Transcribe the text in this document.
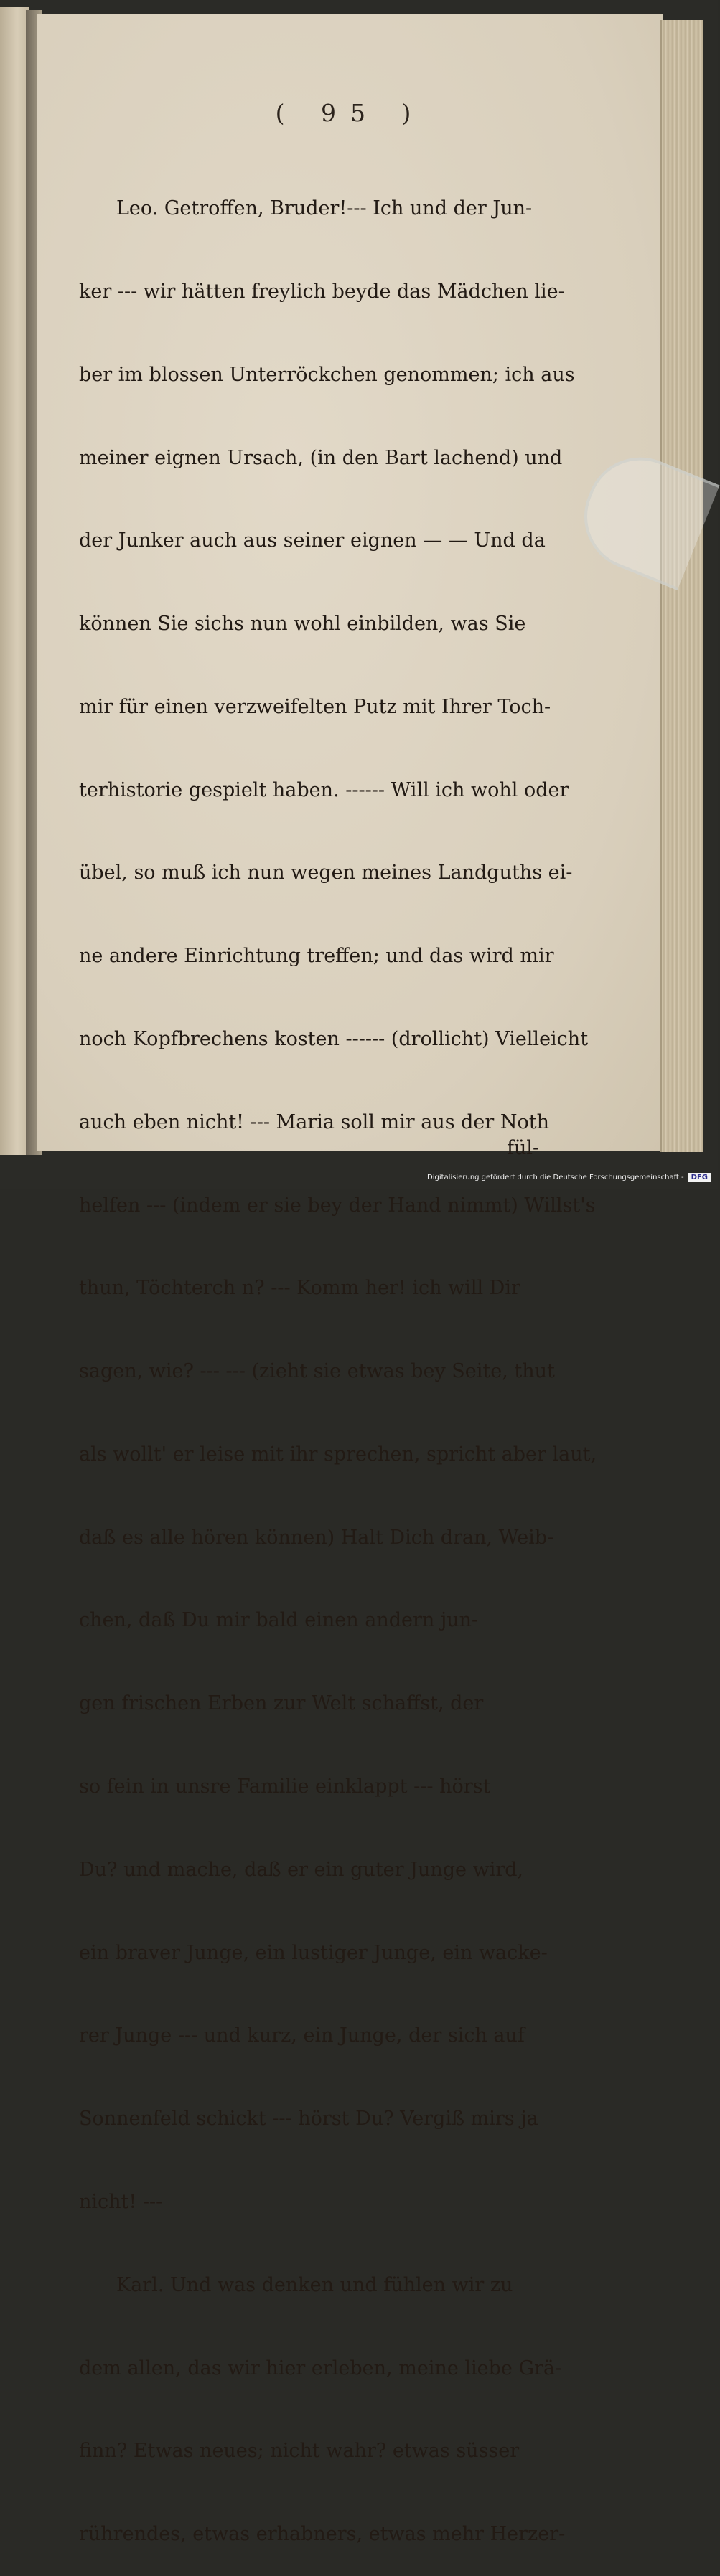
( 95 )

Leo. Getroffen, Bruder!--- Ich und der Jun-

ker --- wir hätten freylich beyde das Mädchen lie-

ber im blossen Unterröckchen genommen; ich aus

meiner eignen Ursach, (in den Bart lachend) und

der Junker auch aus seiner eignen — — Und da

können Sie sichs nun wohl einbilden, was Sie

mir für einen verzweifelten Putz mit Ihrer Toch-

terhistorie gespielt haben. ------ Will ich wohl oder

übel, so muß ich nun wegen meines Landguths ei-

ne andere Einrichtung treffen; und das wird mir

noch Kopfbrechens kosten ------ (drollicht) Vielleicht

auch eben nicht! --- Maria soll mir aus der Noth

helfen --- (indem er sie bey der Hand nimmt) Willst's

thun, Töchterch n? --- Komm her! ich will Dir

sagen, wie? --- --- (zieht sie etwas bey Seite, thut

als wollt' er leise mit ihr sprechen, spricht aber laut,

daß es alle hören können) Halt Dich dran, Weib-

chen, daß Du mir bald einen andern jun-

gen frischen Erben zur Welt schaffst, der

so fein in unsre Familie einklappt --- hörst

Du? und mache, daß er ein guter Junge wird,

ein braver Junge, ein lustiger Junge, ein wacke-

rer Junge --- und kurz, ein Junge, der sich auf

Sonnenfeld schickt --- hörst Du? Vergiß mirs ja

nicht! ---

Karl. Und was denken und fühlen wir zu

dem allen, das wir hier erleben, meine liebe Grä-

finn? Etwas neues; nicht wahr? etwas süsser

rührendes, etwas erhabners, etwas mehr Herzer-

fül-
Digitalisierung gefördert durch die Deutsche Forschungsgemeinschaft -	DFG
